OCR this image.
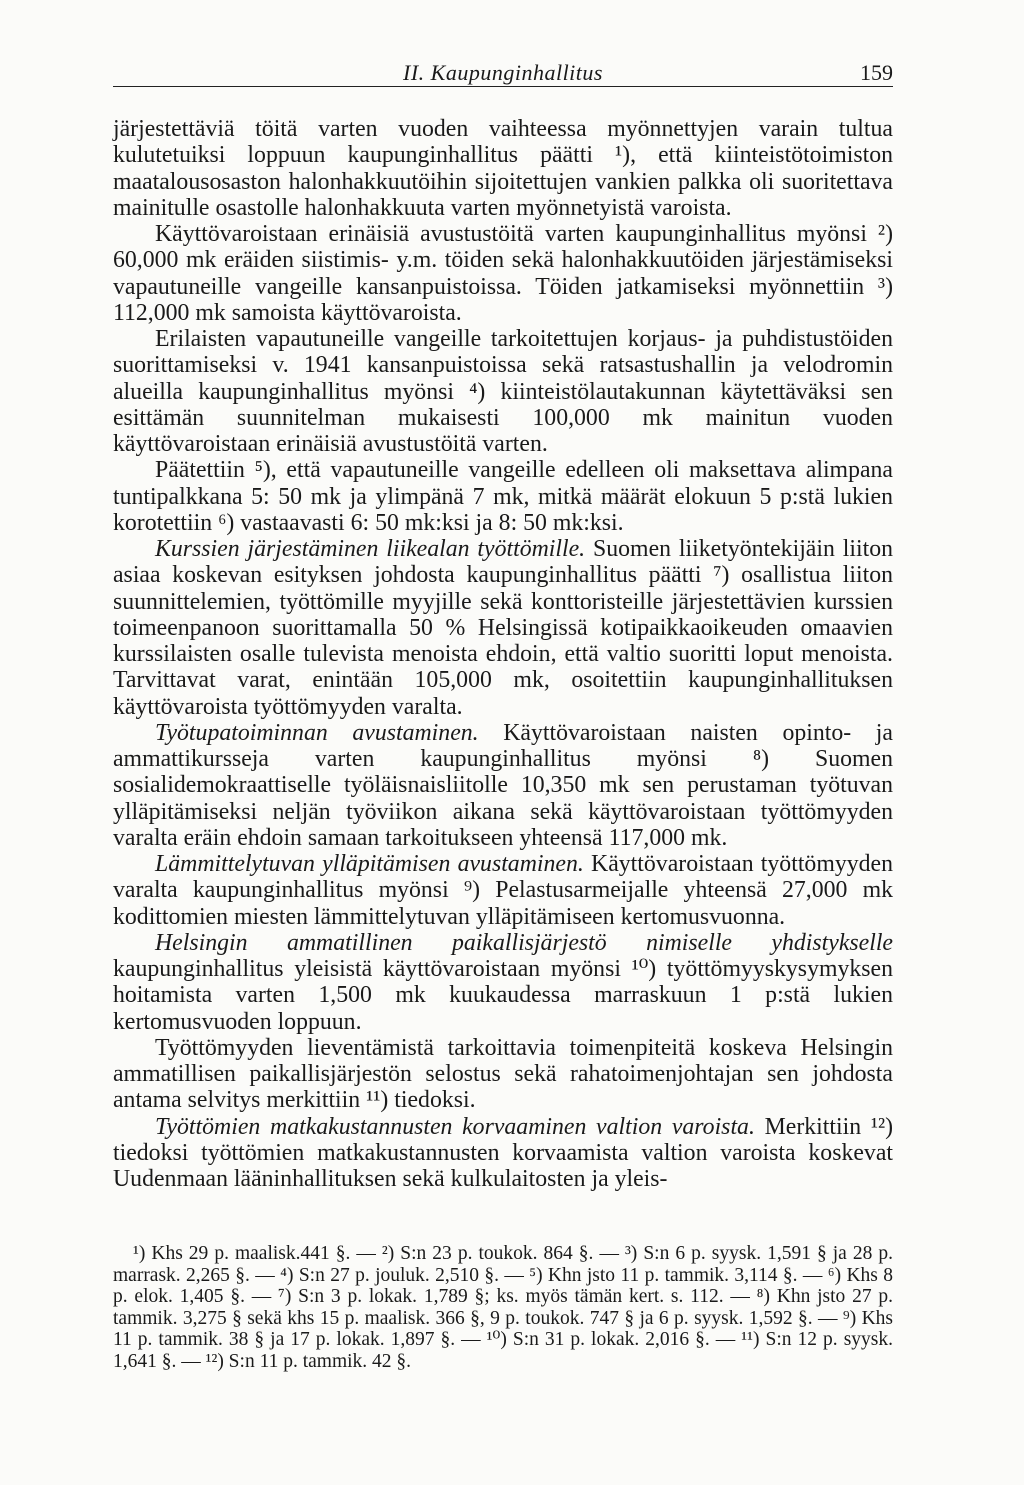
II. Kaupunginhallitus	159

järjestettäviä töitä varten vuoden vaihteessa myönnettyjen varain tultua kulutetuiksi loppuun kaupunginhallitus päätti ¹), että kiinteistötoimiston maatalousosaston halonhakkuutöihin sijoitettujen vankien palkka oli suoritettava mainitulle osastolle halonhakkuuta varten myönnetyistä varoista.

Käyttövaroistaan erinäisiä avustustöitä varten kaupunginhallitus myönsi ²) 60,000 mk eräiden siistimis- y.m. töiden sekä halonhakkuutöiden järjestämiseksi vapautuneille vangeille kansanpuistoissa. Töiden jatkamiseksi myönnettiin ³) 112,000 mk samoista käyttövaroista.

Erilaisten vapautuneille vangeille tarkoitettujen korjaus- ja puhdistustöiden suorittamiseksi v. 1941 kansanpuistoissa sekä ratsastushallin ja velodromin alueilla kaupunginhallitus myönsi ⁴) kiinteistölautakunnan käytettäväksi sen esittämän suunnitelman mukaisesti 100,000 mk mainitun vuoden käyttövaroistaan erinäisiä avustustöitä varten.

Päätettiin ⁵), että vapautuneille vangeille edelleen oli maksettava alimpana tuntipalkkana 5: 50 mk ja ylimpänä 7 mk, mitkä määrät elokuun 5 p:stä lukien korotettiin ⁶) vastaavasti 6: 50 mk:ksi ja 8: 50 mk:ksi.

Kurssien järjestäminen liikealan työttömille. Suomen liiketyöntekijäin liiton asiaa koskevan esityksen johdosta kaupunginhallitus päätti ⁷) osallistua liiton suunnittelemien, työttömille myyjille sekä konttoristeille järjestettävien kurssien toimeenpanoon suorittamalla 50 % Helsingissä kotipaikkaoikeuden omaavien kurssilaisten osalle tulevista menoista ehdoin, että valtio suoritti loput menoista. Tarvittavat varat, enintään 105,000 mk, osoitettiin kaupunginhallituksen käyttövaroista työttömyyden varalta.

Työtupatoiminnan avustaminen. Käyttövaroistaan naisten opinto- ja ammattikursseja varten kaupunginhallitus myönsi ⁸) Suomen sosialidemokraattiselle työläisnaisliitolle 10,350 mk sen perustaman työtuvan ylläpitämiseksi neljän työviikon aikana sekä käyttövaroistaan työttömyyden varalta eräin ehdoin samaan tarkoitukseen yhteensä 117,000 mk.

Lämmittelytuvan ylläpitämisen avustaminen. Käyttövaroistaan työttömyyden varalta kaupunginhallitus myönsi ⁹) Pelastusarmeijalle yhteensä 27,000 mk kodittomien miesten lämmittelytuvan ylläpitämiseen kertomusvuonna.

Helsingin ammatillinen paikallisjärjestö nimiselle yhdistykselle kaupunginhallitus yleisistä käyttövaroistaan myönsi ¹⁰) työttömyyskysymyksen hoitamista varten 1,500 mk kuukaudessa marraskuun 1 p:stä lukien kertomusvuoden loppuun.

Työttömyyden lieventämistä tarkoittavia toimenpiteitä koskeva Helsingin ammatillisen paikallisjärjestön selostus sekä rahatoimenjohtajan sen johdosta antama selvitys merkittiin ¹¹) tiedoksi.

Työttömien matkakustannusten korvaaminen valtion varoista. Merkittiin ¹²) tiedoksi työttömien matkakustannusten korvaamista valtion varoista koskevat Uudenmaan lääninhallituksen sekä kulkulaitosten ja yleis-

¹) Khs 29 p. maalisk.441 §. — ²) S:n 23 p. toukok. 864 §. — ³) S:n 6 p. syysk. 1,591 § ja 28 p. marrask. 2,265 §. — ⁴) S:n 27 p. jouluk. 2,510 §. — ⁵) Khn jsto 11 p. tammik. 3,114 §. — ⁶) Khs 8 p. elok. 1,405 §. — ⁷) S:n 3 p. lokak. 1,789 §; ks. myös tämän kert. s. 112. — ⁸) Khn jsto 27 p. tammik. 3,275 § sekä khs 15 p. maalisk. 366 §, 9 p. toukok. 747 § ja 6 p. syysk. 1,592 §. — ⁹) Khs 11 p. tammik. 38 § ja 17 p. lokak. 1,897 §. — ¹⁰) S:n 31 p. lokak. 2,016 §. — ¹¹) S:n 12 p. syysk. 1,641 §. — ¹²) S:n 11 p. tammik. 42 §.
